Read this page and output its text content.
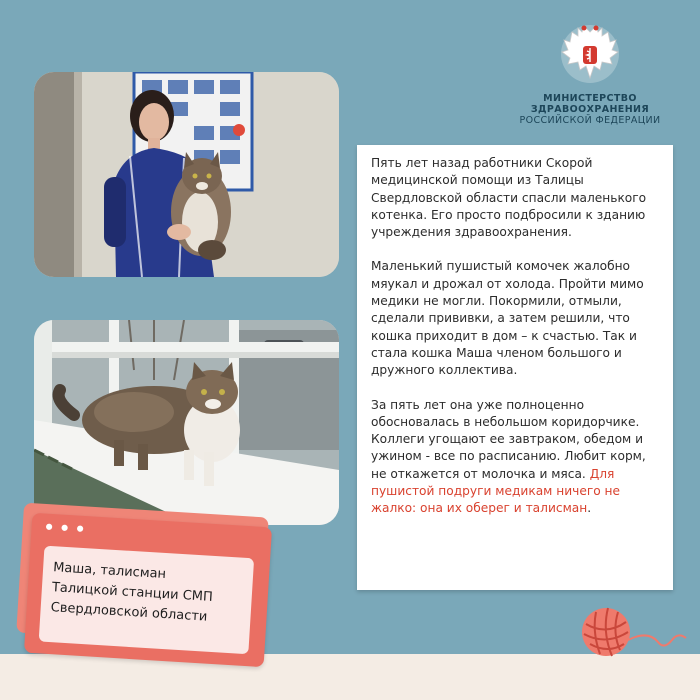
МИНИСТЕРСТВО
ЗДРАВООХРАНЕНИЯ
РОССИЙСКОЙ ФЕДЕРАЦИИ

Пять лет назад работники Скорой медицинской помощи из Талицы Свердловской области спасли маленького котенка. Его просто подбросили к зданию учреждения здравоохранения.

Маленький пушистый комочек жалобно мяукал и дрожал от холода. Пройти мимо медики не могли. Покормили, отмыли, сделали прививки, а затем решили, что кошка приходит в дом – к счастью. Так и стала кошка Маша членом большого и дружного коллектива.

За пять лет она уже полноценно обосновалась в небольшом коридорчике. Коллеги угощают ее завтраком, обедом и ужином - все по расписанию. Любит корм, не откажется от молочка и мяса. Для пушистой подруги медикам ничего не жалко: она их оберег и талисман.

● ● ●
Маша, талисман
Талицкой станции СМП
Свердловской области
